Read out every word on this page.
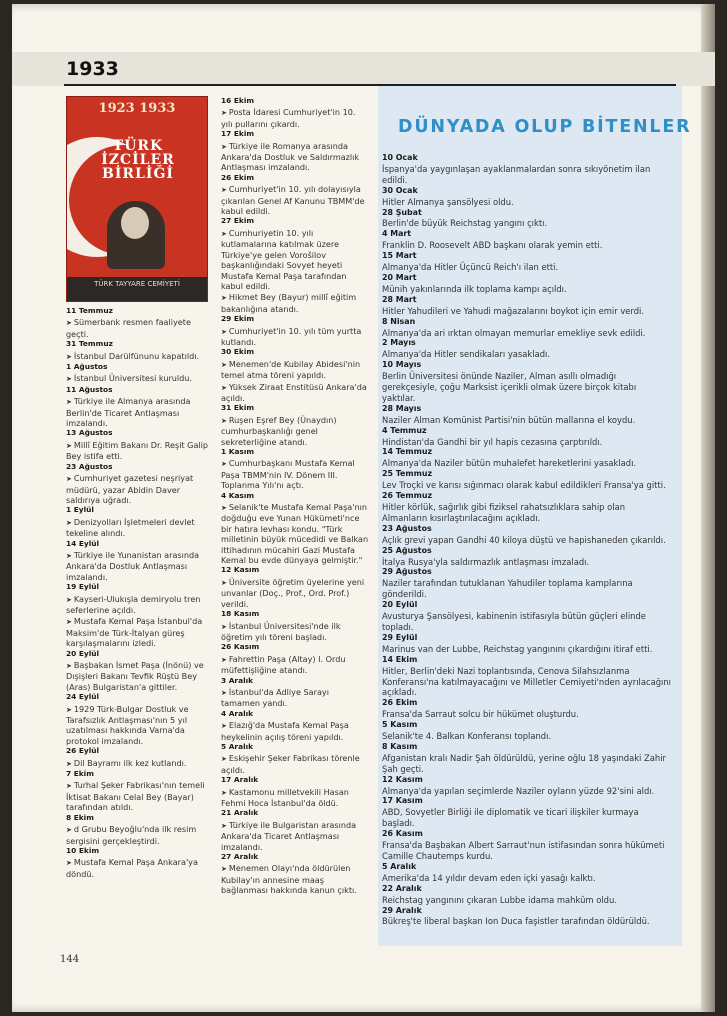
1933
1923 1933
TÜRK İZCİLER BİRLİĞİ
TÜRK TAYYARE CEMİYETİ
11 Temmuz
➤ Sümerbank resmen faaliyete geçti.
31 Temmuz
➤ İstanbul Darülfünunu kapatıldı.
1 Ağustos
➤ İstanbul Üniversitesi kuruldu.
11 Ağustos
➤ Türkiye ile Almanya arasında Berlin'de Ticaret Antlaşması imzalandı.
13 Ağustos
➤ Millî Eğitim Bakanı Dr. Reşit Galip Bey istifa etti.
23 Ağustos
➤ Cumhuriyet gazetesi neşriyat müdürü, yazar Abidin Daver saldırıya uğradı.
1 Eylül
➤ Denizyolları İşletmeleri devlet tekeline alındı.
14 Eylül
➤ Türkiye ile Yunanistan arasında Ankara'da Dostluk Antlaşması imzalandı.
19 Eylül
➤ Kayseri-Ulukışla demiryolu tren seferlerine açıldı.
➤ Mustafa Kemal Paşa İstanbul'da Maksim'de Türk-İtalyan güreş karşılaşmalarını izledi.
20 Eylül
➤ Başbakan İsmet Paşa (İnönü) ve Dışişleri Bakanı Tevfik Rüştü Bey (Aras) Bulgaristan'a gittiler.
24 Eylül
➤ 1929 Türk-Bulgar Dostluk ve Tarafsızlık Antlaşması'nın 5 yıl uzatılması hakkında Varna'da protokol imzalandı.
26 Eylül
➤ Dil Bayramı ilk kez kutlandı.
7 Ekim
➤ Turhal Şeker Fabrikası'nın temeli İktisat Bakanı Celal Bey (Bayar) tarafından atıldı.
8 Ekim
➤ d Grubu Beyoğlu'nda ilk resim sergisini gerçekleştirdi.
10 Ekim
➤ Mustafa Kemal Paşa Ankara'ya döndü.
16 Ekim
➤ Posta İdaresi Cumhuriyet'in 10. yılı pullarını çıkardı.
17 Ekim
➤ Türkiye ile Romanya arasında Ankara'da Dostluk ve Saldırmazlık Antlaşması imzalandı.
26 Ekim
➤ Cumhuriyet'in 10. yılı dolayısıyla çıkarılan Genel Af Kanunu TBMM'de kabul edildi.
27 Ekim
➤ Cumhuriyetin 10. yılı kutlamalarına katılmak üzere Türkiye'ye gelen Vorošilov başkanlığındaki Sovyet heyeti Mustafa Kemal Paşa tarafından kabul edildi.
➤ Hikmet Bey (Bayur) millî eğitim bakanlığına atandı.
29 Ekim
➤ Cumhuriyet'in 10. yılı tüm yurtta kutlandı.
30 Ekim
➤ Menemen'de Kubilay Abidesi'nin temel atma töreni yapıldı.
➤ Yüksek Ziraat Enstitüsü Ankara'da açıldı.
31 Ekim
➤ Ruşen Eşref Bey (Ünaydın) cumhurbaşkanlığı genel sekreterliğine atandı.
1 Kasım
➤ Cumhurbaşkanı Mustafa Kemal Paşa TBMM'nin IV. Dönem III. Toplanma Yılı'nı açtı.
4 Kasım
➤ Selanik'te Mustafa Kemal Paşa'nın doğduğu eve Yunan Hükümeti'nce bir hatıra levhası kondu. "Türk milletinin büyük mücedidi ve Balkan ittihadının mücahiri Gazi Mustafa Kemal bu evde dünyaya gelmiştir."
12 Kasım
➤ Üniversite öğretim üyelerine yeni unvanlar (Doç., Prof., Ord. Prof.) verildi.
18 Kasım
➤ İstanbul Üniversitesi'nde ilk öğretim yılı töreni başladı.
26 Kasım
➤ Fahrettin Paşa (Altay) I. Ordu müfettişliğine atandı.
3 Aralık
➤ İstanbul'da Adliye Sarayı tamamen yandı.
4 Aralık
➤ Elazığ'da Mustafa Kemal Paşa heykelinin açılış töreni yapıldı.
5 Aralık
➤ Eskişehir Şeker Fabrikası törenle açıldı.
17 Aralık
➤ Kastamonu milletvekili Hasan Fehmi Hoca İstanbul'da öldü.
21 Aralık
➤ Türkiye ile Bulgaristan arasında Ankara'da Ticaret Antlaşması imzalandı.
27 Aralık
➤ Menemen Olayı'nda öldürülen Kubilay'ın annesine maaş bağlanması hakkında kanun çıktı.
DÜNYADA OLUP BİTENLER
10 Ocak
İspanya'da yaygınlaşan ayaklanmalardan sonra sıkıyönetim ilan edildi.
30 Ocak
Hitler Almanya şansölyesi oldu.
28 Şubat
Berlin'de büyük Reichstag yangını çıktı.
4 Mart
Franklin D. Roosevelt ABD başkanı olarak yemin etti.
15 Mart
Almanya'da Hitler Üçüncü Reich'ı ilan etti.
20 Mart
Münih yakınlarında ilk toplama kampı açıldı.
28 Mart
Hitler Yahudileri ve Yahudi mağazalarını boykot için emir verdi.
8 Nisan
Almanya'da ari ırktan olmayan memurlar emekliye sevk edildi.
2 Mayıs
Almanya'da Hitler sendikaları yasakladı.
10 Mayıs
Berlin Üniversitesi önünde Naziler, Alman asıllı olmadığı gerekçesiyle, çoğu Marksist içerikli olmak üzere birçok kitabı yaktılar.
28 Mayıs
Naziler Alman Komünist Partisi'nin bütün mallarına el koydu.
4 Temmuz
Hindistan'da Gandhi bir yıl hapis cezasına çarptırıldı.
14 Temmuz
Almanya'da Naziler bütün muhalefet hareketlerini yasakladı.
25 Temmuz
Lev Troçki ve karısı sığınmacı olarak kabul edildikleri Fransa'ya gitti.
26 Temmuz
Hitler körlük, sağırlık gibi fiziksel rahatsızlıklara sahip olan Almanların kısırlaştırılacağını açıkladı.
23 Ağustos
Açlık grevi yapan Gandhi 40 kiloya düştü ve hapishaneden çıkarıldı.
25 Ağustos
İtalya Rusya'yla saldırmazlık antlaşması imzaladı.
29 Ağustos
Naziler tarafından tutuklanan Yahudiler toplama kamplarına gönderildi.
20 Eylül
Avusturya Şansölyesi, kabinenin istifasıyla bütün güçleri elinde topladı.
29 Eylül
Marinus van der Lubbe, Reichstag yangınını çıkardığını itiraf etti.
14 Ekim
Hitler, Berlin'deki Nazi toplantısında, Cenova Silahsızlanma Konferansı'na katılmayacağını ve Milletler Cemiyeti'nden ayrılacağını açıkladı.
26 Ekim
Fransa'da Sarraut solcu bir hükümet oluşturdu.
5 Kasım
Selanik'te 4. Balkan Konferansı toplandı.
8 Kasım
Afganistan kralı Nadir Şah öldürüldü, yerine oğlu 18 yaşındaki Zahir Şah geçti.
12 Kasım
Almanya'da yapılan seçimlerde Naziler oyların yüzde 92'sini aldı.
17 Kasım
ABD, Sovyetler Birliği ile diplomatik ve ticari ilişkiler kurmaya başladı.
26 Kasım
Fransa'da Başbakan Albert Sarraut'nun istifasından sonra hükümeti Camille Chautemps kurdu.
5 Aralık
Amerika'da 14 yıldır devam eden içki yasağı kalktı.
22 Aralık
Reichstag yangınını çıkaran Lubbe idama mahkûm oldu.
29 Aralık
Bükreş'te liberal başkan Ion Duca faşistler tarafından öldürüldü.
144
